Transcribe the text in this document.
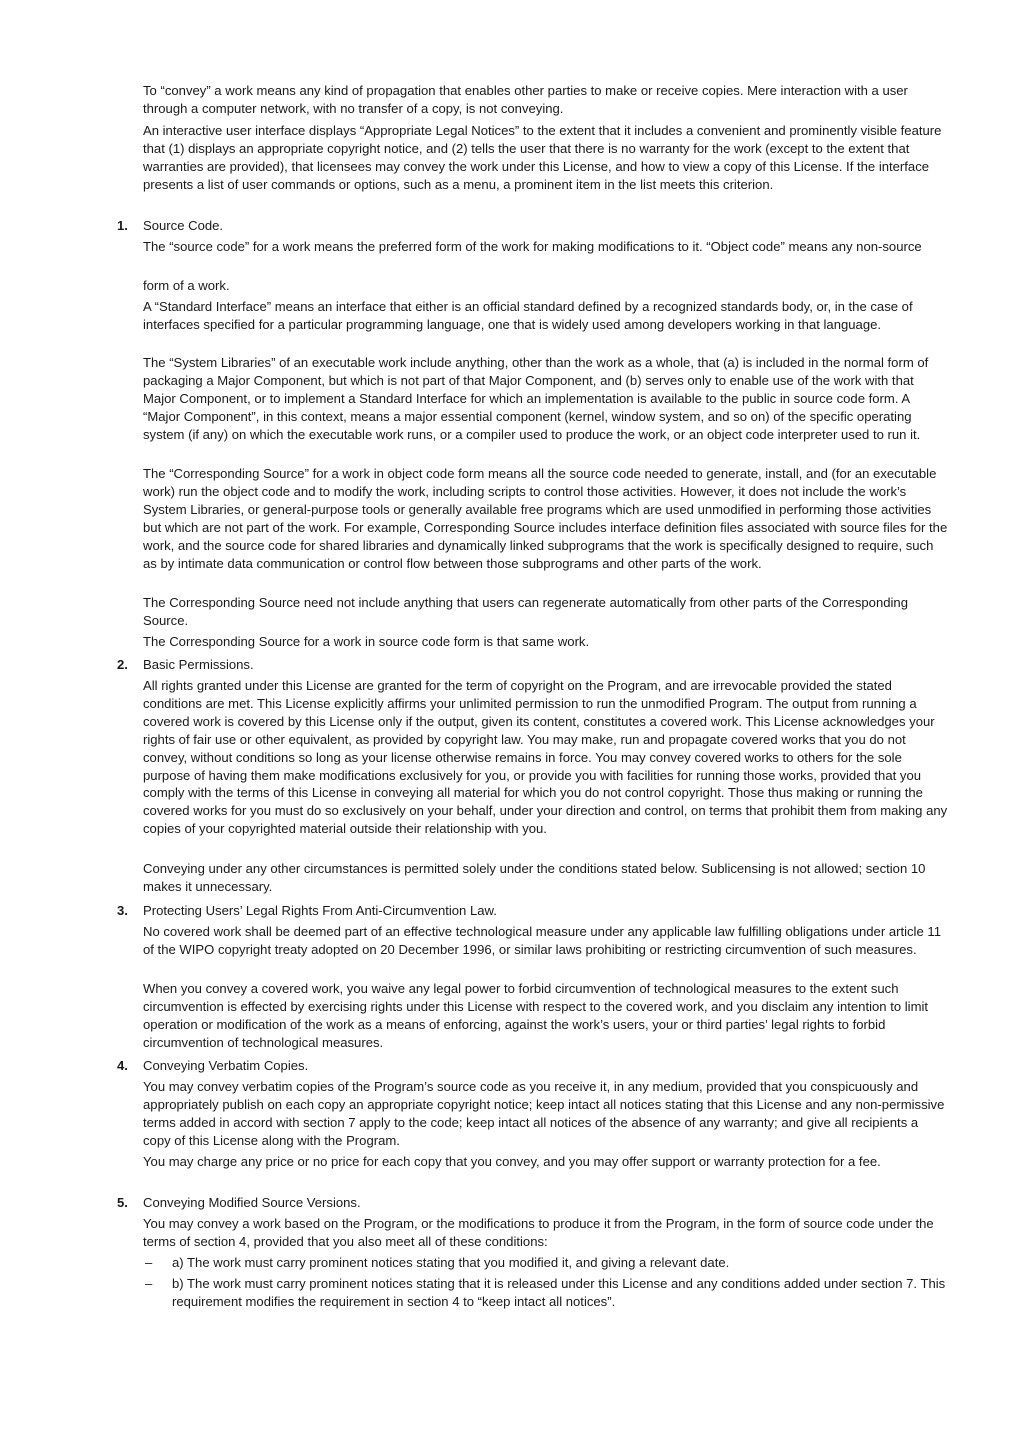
To “convey” a work means any kind of propagation that enables other parties to make or receive copies. Mere interaction with a user through a computer network, with no transfer of a copy, is not conveying.

An interactive user interface displays “Appropriate Legal Notices” to the extent that it includes a convenient and prominently visible feature that (1) displays an appropriate copyright notice, and (2) tells the user that there is no warranty for the work (except to the extent that warranties are provided), that licensees may convey the work under this License, and how to view a copy of this License. If the interface presents a list of user commands or options, such as a menu, a prominent item in the list meets this criterion.

1. Source Code.

The “source code” for a work means the preferred form of the work for making modifications to it. “Object code” means any non-source

form of a work.

A “Standard Interface” means an interface that either is an official standard defined by a recognized standards body, or, in the case of interfaces specified for a particular programming language, one that is widely used among developers working in that language.

The “System Libraries” of an executable work include anything, other than the work as a whole, that (a) is included in the normal form of packaging a Major Component, but which is not part of that Major Component, and (b) serves only to enable use of the work with that Major Component, or to implement a Standard Interface for which an implementation is available to the public in source code form. A “Major Component”, in this context, means a major essential component (kernel, window system, and so on) of the specific operating system (if any) on which the executable work runs, or a compiler used to produce the work, or an object code interpreter used to run it.

The “Corresponding Source” for a work in object code form means all the source code needed to generate, install, and (for an executable work) run the object code and to modify the work, including scripts to control those activities. However, it does not include the work’s System Libraries, or general-purpose tools or generally available free programs which are used unmodified in performing those activities but which are not part of the work. For example, Corresponding Source includes interface definition files associated with source files for the work, and the source code for shared libraries and dynamically linked subprograms that the work is specifically designed to require, such as by intimate data communication or control flow between those subprograms and other parts of the work.

The Corresponding Source need not include anything that users can regenerate automatically from other parts of the Corresponding Source.

The Corresponding Source for a work in source code form is that same work.

2. Basic Permissions.

All rights granted under this License are granted for the term of copyright on the Program, and are irrevocable provided the stated conditions are met. This License explicitly affirms your unlimited permission to run the unmodified Program. The output from running a covered work is covered by this License only if the output, given its content, constitutes a covered work. This License acknowledges your rights of fair use or other equivalent, as provided by copyright law. You may make, run and propagate covered works that you do not convey, without conditions so long as your license otherwise remains in force. You may convey covered works to others for the sole purpose of having them make modifications exclusively for you, or provide you with facilities for running those works, provided that you comply with the terms of this License in conveying all material for which you do not control copyright. Those thus making or running the covered works for you must do so exclusively on your behalf, under your direction and control, on terms that prohibit them from making any copies of your copyrighted material outside their relationship with you.

Conveying under any other circumstances is permitted solely under the conditions stated below. Sublicensing is not allowed; section 10 makes it unnecessary.

3. Protecting Users’ Legal Rights From Anti-Circumvention Law.

No covered work shall be deemed part of an effective technological measure under any applicable law fulfilling obligations under article 11 of the WIPO copyright treaty adopted on 20 December 1996, or similar laws prohibiting or restricting circumvention of such measures.

When you convey a covered work, you waive any legal power to forbid circumvention of technological measures to the extent such circumvention is effected by exercising rights under this License with respect to the covered work, and you disclaim any intention to limit operation or modification of the work as a means of enforcing, against the work’s users, your or third parties’ legal rights to forbid circumvention of technological measures.

4. Conveying Verbatim Copies.

You may convey verbatim copies of the Program’s source code as you receive it, in any medium, provided that you conspicuously and appropriately publish on each copy an appropriate copyright notice; keep intact all notices stating that this License and any non-permissive terms added in accord with section 7 apply to the code; keep intact all notices of the absence of any warranty; and give all recipients a copy of this License along with the Program.

You may charge any price or no price for each copy that you convey, and you may offer support or warranty protection for a fee.

5. Conveying Modified Source Versions.

You may convey a work based on the Program, or the modifications to produce it from the Program, in the form of source code under the terms of section 4, provided that you also meet all of these conditions:

– a) The work must carry prominent notices stating that you modified it, and giving a relevant date.
– b) The work must carry prominent notices stating that it is released under this License and any conditions added under section 7. This requirement modifies the requirement in section 4 to “keep intact all notices”.
